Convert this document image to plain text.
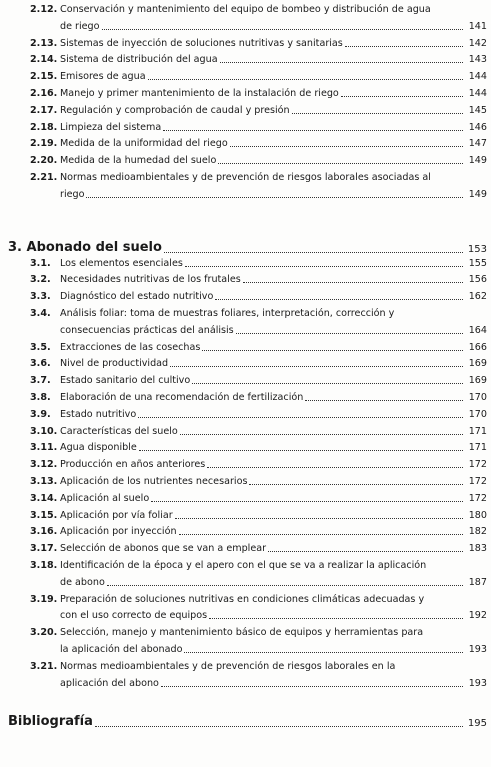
2.12. Conservación y mantenimiento del equipo de bombeo y distribución de agua
de riego	141
2.13. Sistemas de inyección de soluciones nutritivas y sanitarias	142
2.14. Sistema de distribución del agua	143
2.15. Emisores de agua	144
2.16. Manejo y primer mantenimiento de la instalación de riego	144
2.17. Regulación y comprobación de caudal y presión	145
2.18. Limpieza del sistema	146
2.19. Medida de la uniformidad del riego	147
2.20. Medida de la humedad del suelo	149
2.21. Normas medioambientales y de prevención de riesgos laborales asociadas al
riego	149
3. Abonado del suelo	153
3.1. Los elementos esenciales	155
3.2. Necesidades nutritivas de los frutales	156
3.3. Diagnóstico del estado nutritivo	162
3.4. Análisis foliar: toma de muestras foliares, interpretación, corrección y
consecuencias prácticas del análisis	164
3.5. Extracciones de las cosechas	166
3.6. Nivel de productividad	169
3.7. Estado sanitario del cultivo	169
3.8. Elaboración de una recomendación de fertilización	170
3.9. Estado nutritivo	170
3.10. Características del suelo	171
3.11. Agua disponible	171
3.12. Producción en años anteriores	172
3.13. Aplicación de los nutrientes necesarios	172
3.14. Aplicación al suelo	172
3.15. Aplicación por vía foliar	180
3.16. Aplicación por inyección	182
3.17. Selección de abonos que se van a emplear	183
3.18. Identificación de la época y el apero con el que se va a realizar la aplicación
de abono	187
3.19. Preparación de soluciones nutritivas en condiciones climáticas adecuadas y
con el uso correcto de equipos	192
3.20. Selección, manejo y mantenimiento básico de equipos y herramientas para
la aplicación del abonado	193
3.21. Normas medioambientales y de prevención de riesgos laborales en la
aplicación del abono	193
Bibliografía	195
